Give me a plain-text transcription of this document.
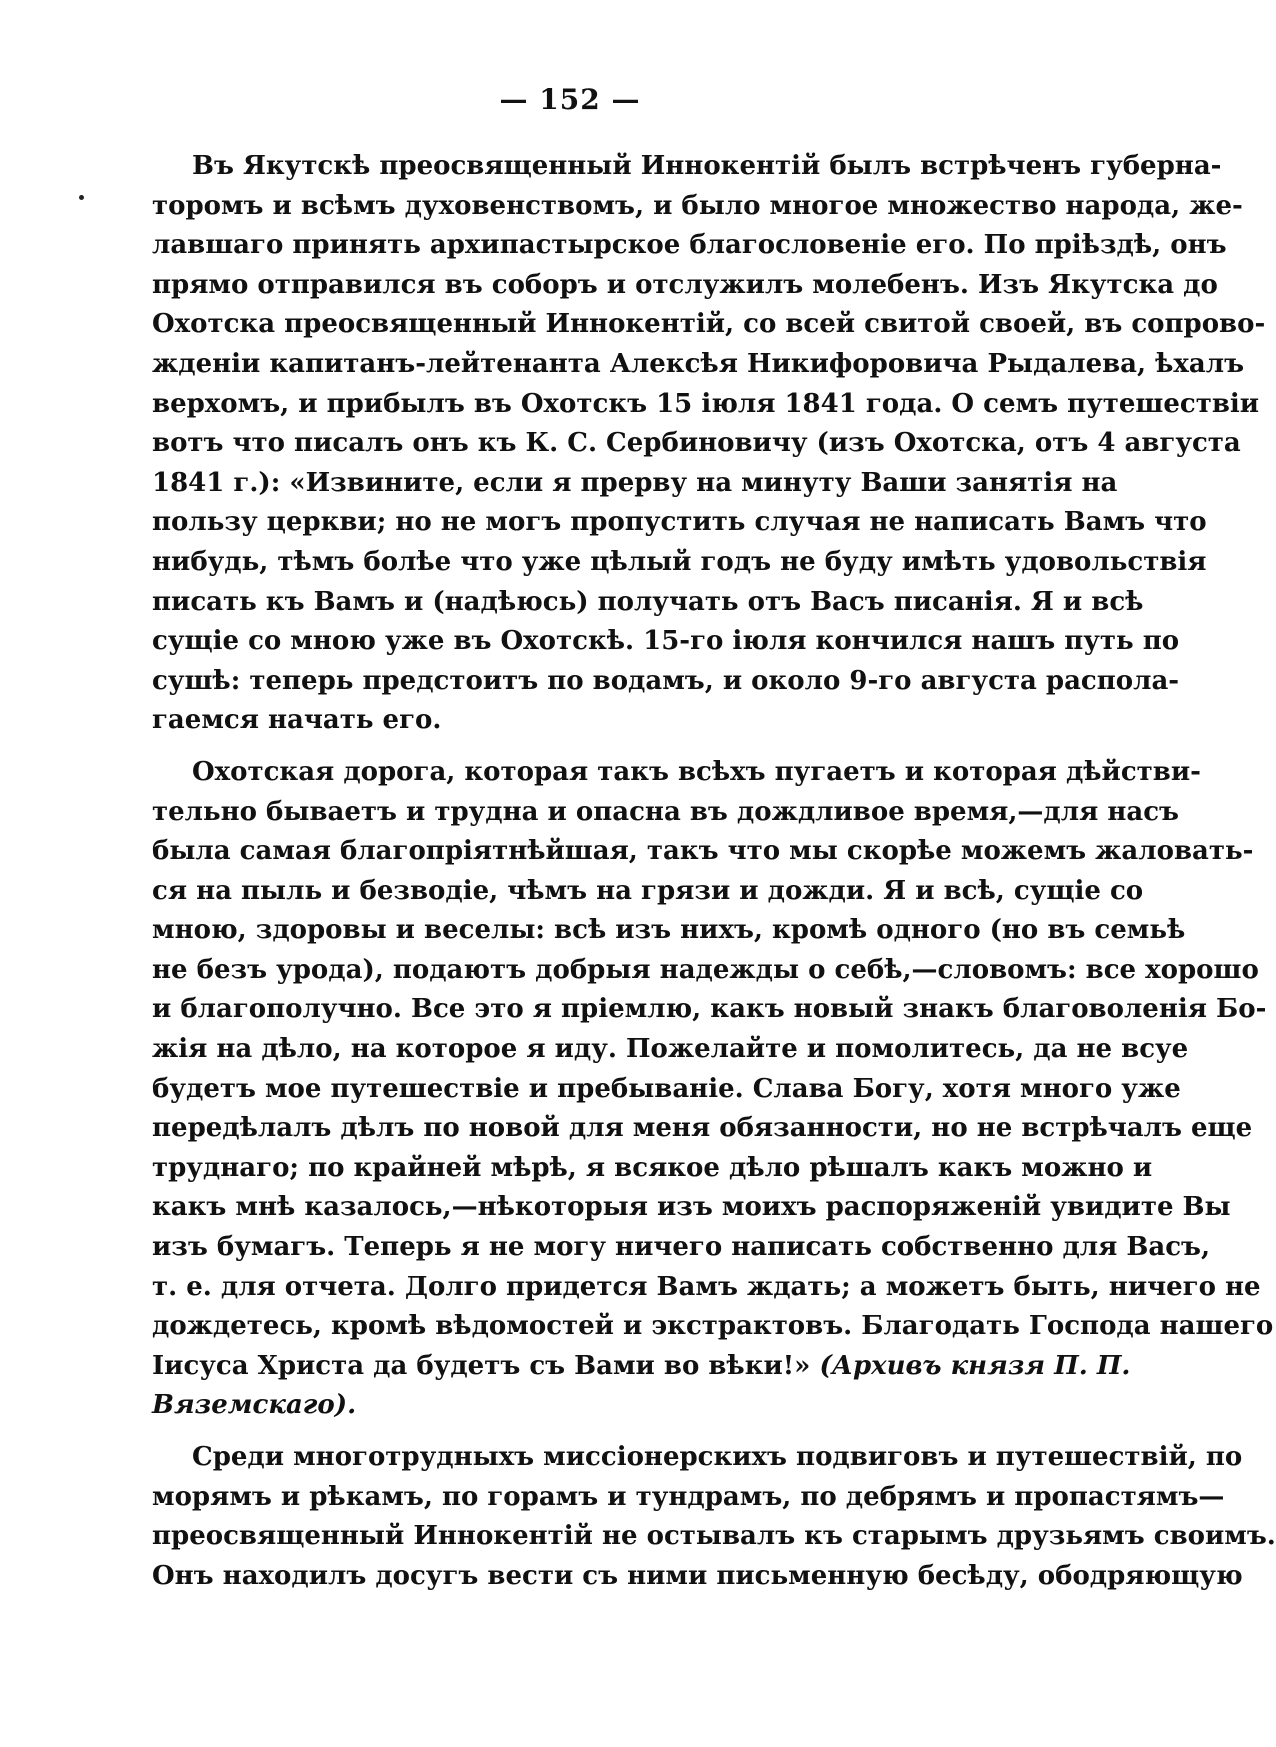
— 152 —
Въ Якутскѣ преосвященный Иннокентій былъ встрѣченъ губерна-
торомъ и всѣмъ духовенствомъ, и было многое множество народа, же-
лавшаго принять архипастырское благословеніе его. По пріѣздѣ, онъ
прямо отправился въ соборъ и отслужилъ молебенъ. Изъ Якутска до
Охотска преосвященный Иннокентій, со всей свитой своей, въ сопрово-
жденіи капитанъ-лейтенанта Алексѣя Никифоровича Рыдалева, ѣхалъ
верхомъ, и прибылъ въ Охотскъ 15 іюля 1841 года. О семъ путешествіи
вотъ что писалъ онъ къ К. С. Сербиновичу (изъ Охотска, отъ 4 августа
1841 г.): «Извините, если я прерву на минуту Ваши занятія на
пользу церкви; но не могъ пропустить случая не написать Вамъ что
нибудь, тѣмъ болѣе что уже цѣлый годъ не буду имѣть удовольствія
писать къ Вамъ и (надѣюсь) получать отъ Васъ писанія. Я и всѣ
сущіе со мною уже въ Охотскѣ. 15-го іюля кончился нашъ путь по
сушѣ: теперь предстоитъ по водамъ, и около 9-го августа распола-
гаемся начать его.
Охотская дорога, которая такъ всѣхъ пугаетъ и которая дѣйстви-
тельно бываетъ и трудна и опасна въ дождливое время,—для насъ
была самая благопріятнѣйшая, такъ что мы скорѣе можемъ жаловать-
ся на пыль и безводіе, чѣмъ на грязи и дожди. Я и всѣ, сущіе со
мною, здоровы и веселы: всѣ изъ нихъ, кромѣ одного (но въ семьѣ
не безъ урода), подаютъ добрыя надежды о себѣ,—словомъ: все хорошо
и благополучно. Все это я пріемлю, какъ новый знакъ благоволенія Бо-
жія на дѣло, на которое я иду. Пожелайте и помолитесь, да не всуе
будетъ мое путешествіе и пребываніе. Слава Богу, хотя много уже
передѣлалъ дѣлъ по новой для меня обязанности, но не встрѣчалъ еще
труднаго; по крайней мѣрѣ, я всякое дѣло рѣшалъ какъ можно и
какъ мнѣ казалось,—нѣкоторыя изъ моихъ распоряженій увидите Вы
изъ бумагъ. Теперь я не могу ничего написать собственно для Васъ,
т. е. для отчета. Долго придется Вамъ ждать; а можетъ быть, ничего не
дождетесь, кромѣ вѣдомостей и экстрактовъ. Благодать Господа нашего
Іисуса Христа да будетъ съ Вами во вѣки!» (Архивъ князя П. П.
Вяземскаго).
Среди многотрудныхъ миссіонерскихъ подвиговъ и путешествій, по
морямъ и рѣкамъ, по горамъ и тундрамъ, по дебрямъ и пропастямъ—
преосвященный Иннокентій не остывалъ къ старымъ друзьямъ своимъ.
Онъ находилъ досугъ вести съ ними письменную бесѣду, ободряющую
